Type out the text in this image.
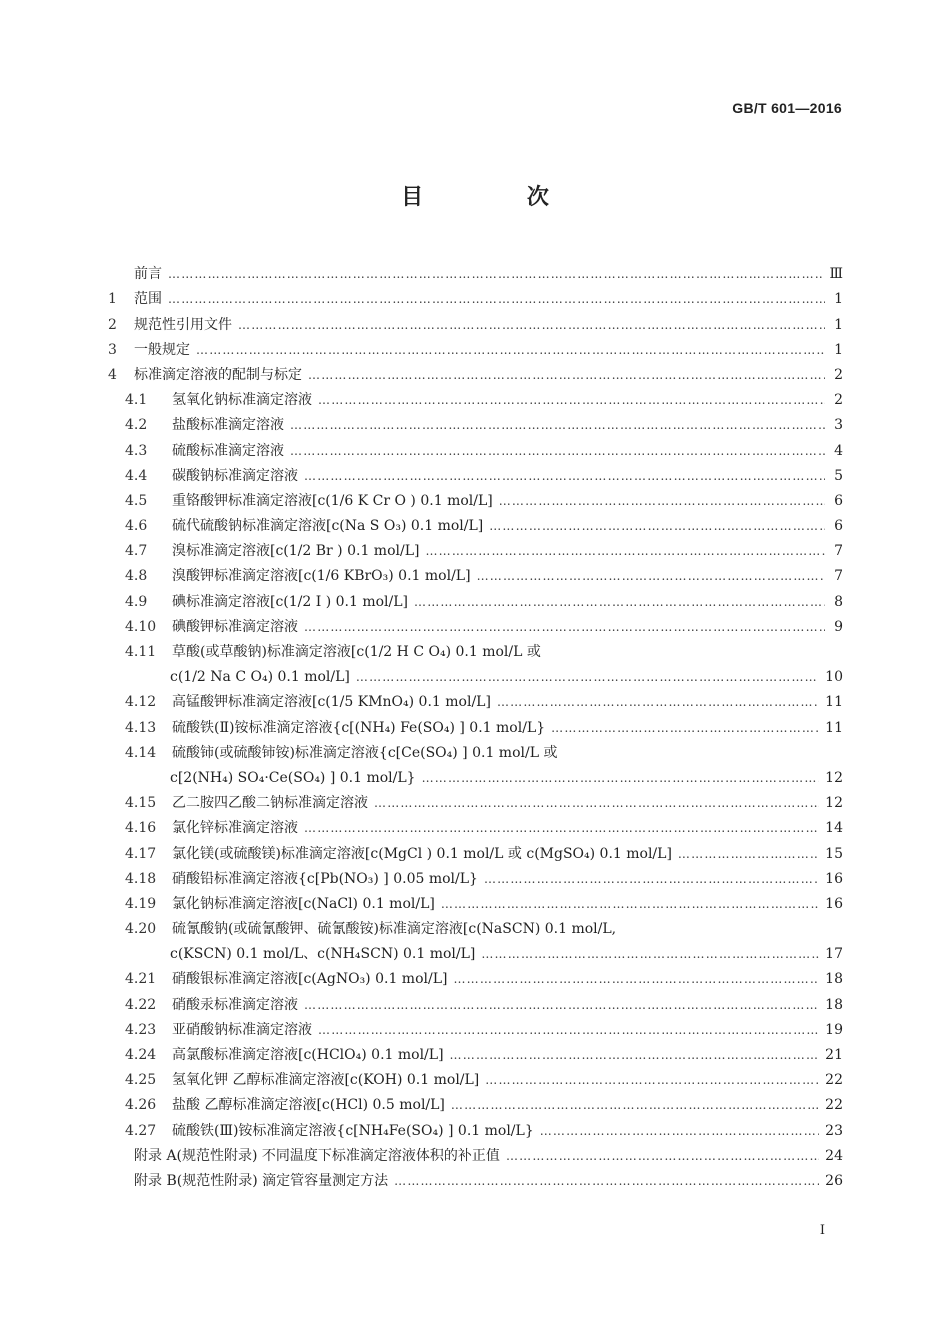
GB/T 601—2016
目 次
前言 ……………………………………………………………………………………………………………………………………………………………………………………………………	Ⅲ
1	范围 ……………………………………………………………………………………………………………………………………………………………………………………………………	1
2	规范性引用文件 ……………………………………………………………………………………………………………………………………………………………………………………………………	1
3	一般规定 ……………………………………………………………………………………………………………………………………………………………………………………………………	1
4	标准滴定溶液的配制与标定 ……………………………………………………………………………………………………………………………………………………………………………………………………	2
4.1	氢氧化钠标准滴定溶液 ……………………………………………………………………………………………………………………………………………………………………………………………………	2
4.2	盐酸标准滴定溶液 ……………………………………………………………………………………………………………………………………………………………………………………………………	3
4.3	硫酸标准滴定溶液 ……………………………………………………………………………………………………………………………………………………………………………………………………	4
4.4	碳酸钠标准滴定溶液 ……………………………………………………………………………………………………………………………………………………………………………………………………	5
4.5	重铬酸钾标准滴定溶液[c(1/6 K Cr O ) 0.1 mol/L] ……………………………………………………………………………………………………………………………………………………………………………………………………	6
4.6	硫代硫酸钠标准滴定溶液[c(Na S O₃) 0.1 mol/L] ……………………………………………………………………………………………………………………………………………………………………………………………………	6
4.7	溴标准滴定溶液[c(1/2 Br ) 0.1 mol/L] ……………………………………………………………………………………………………………………………………………………………………………………………………	7
4.8	溴酸钾标准滴定溶液[c(1/6 KBrO₃) 0.1 mol/L] ……………………………………………………………………………………………………………………………………………………………………………………………………	7
4.9	碘标准滴定溶液[c(1/2 I ) 0.1 mol/L] ……………………………………………………………………………………………………………………………………………………………………………………………………	8
4.10	碘酸钾标准滴定溶液 ……………………………………………………………………………………………………………………………………………………………………………………………………	9
4.11	草酸(或草酸钠)标准滴定溶液[c(1/2 H C O₄) 0.1 mol/L 或
c(1/2 Na C O₄) 0.1 mol/L] ……………………………………………………………………………………………………………………………………………………………………………………………………	10
4.12	高锰酸钾标准滴定溶液[c(1/5 KMnO₄) 0.1 mol/L] ……………………………………………………………………………………………………………………………………………………………………………………………………	11
4.13	硫酸铁(Ⅱ)铵标准滴定溶液{c[(NH₄) Fe(SO₄) ] 0.1 mol/L} ……………………………………………………………………………………………………………………………………………………………………………………………………	11
4.14	硫酸铈(或硫酸铈铵)标准滴定溶液{c[Ce(SO₄) ] 0.1 mol/L 或
c[2(NH₄) SO₄·Ce(SO₄) ] 0.1 mol/L} ……………………………………………………………………………………………………………………………………………………………………………………………………	12
4.15	乙二胺四乙酸二钠标准滴定溶液 ……………………………………………………………………………………………………………………………………………………………………………………………………	12
4.16	氯化锌标准滴定溶液 ……………………………………………………………………………………………………………………………………………………………………………………………………	14
4.17	氯化镁(或硫酸镁)标准滴定溶液[c(MgCl ) 0.1 mol/L 或 c(MgSO₄) 0.1 mol/L] ……………………………………………………………………………………………………………………………………………………………………………………………………	15
4.18	硝酸铅标准滴定溶液{c[Pb(NO₃) ] 0.05 mol/L} ……………………………………………………………………………………………………………………………………………………………………………………………………	16
4.19	氯化钠标准滴定溶液[c(NaCl) 0.1 mol/L] ……………………………………………………………………………………………………………………………………………………………………………………………………	16
4.20	硫氰酸钠(或硫氰酸钾、硫氰酸铵)标准滴定溶液[c(NaSCN) 0.1 mol/L,
c(KSCN) 0.1 mol/L、c(NH₄SCN) 0.1 mol/L] ……………………………………………………………………………………………………………………………………………………………………………………………………	17
4.21	硝酸银标准滴定溶液[c(AgNO₃) 0.1 mol/L] ……………………………………………………………………………………………………………………………………………………………………………………………………	18
4.22	硝酸汞标准滴定溶液 ……………………………………………………………………………………………………………………………………………………………………………………………………	18
4.23	亚硝酸钠标准滴定溶液 ……………………………………………………………………………………………………………………………………………………………………………………………………	19
4.24	高氯酸标准滴定溶液[c(HClO₄) 0.1 mol/L] ……………………………………………………………………………………………………………………………………………………………………………………………………	21
4.25	氢氧化钾 乙醇标准滴定溶液[c(KOH) 0.1 mol/L] ……………………………………………………………………………………………………………………………………………………………………………………………………	22
4.26	盐酸 乙醇标准滴定溶液[c(HCl) 0.5 mol/L] ……………………………………………………………………………………………………………………………………………………………………………………………………	22
4.27	硫酸铁(Ⅲ)铵标准滴定溶液{c[NH₄Fe(SO₄) ] 0.1 mol/L} ……………………………………………………………………………………………………………………………………………………………………………………………………	23
附录 A(规范性附录) 不同温度下标准滴定溶液体积的补正值 ……………………………………………………………………………………………………………………………………………………………………………………………………	24
附录 B(规范性附录) 滴定管容量测定方法 ……………………………………………………………………………………………………………………………………………………………………………………………………	26
I
